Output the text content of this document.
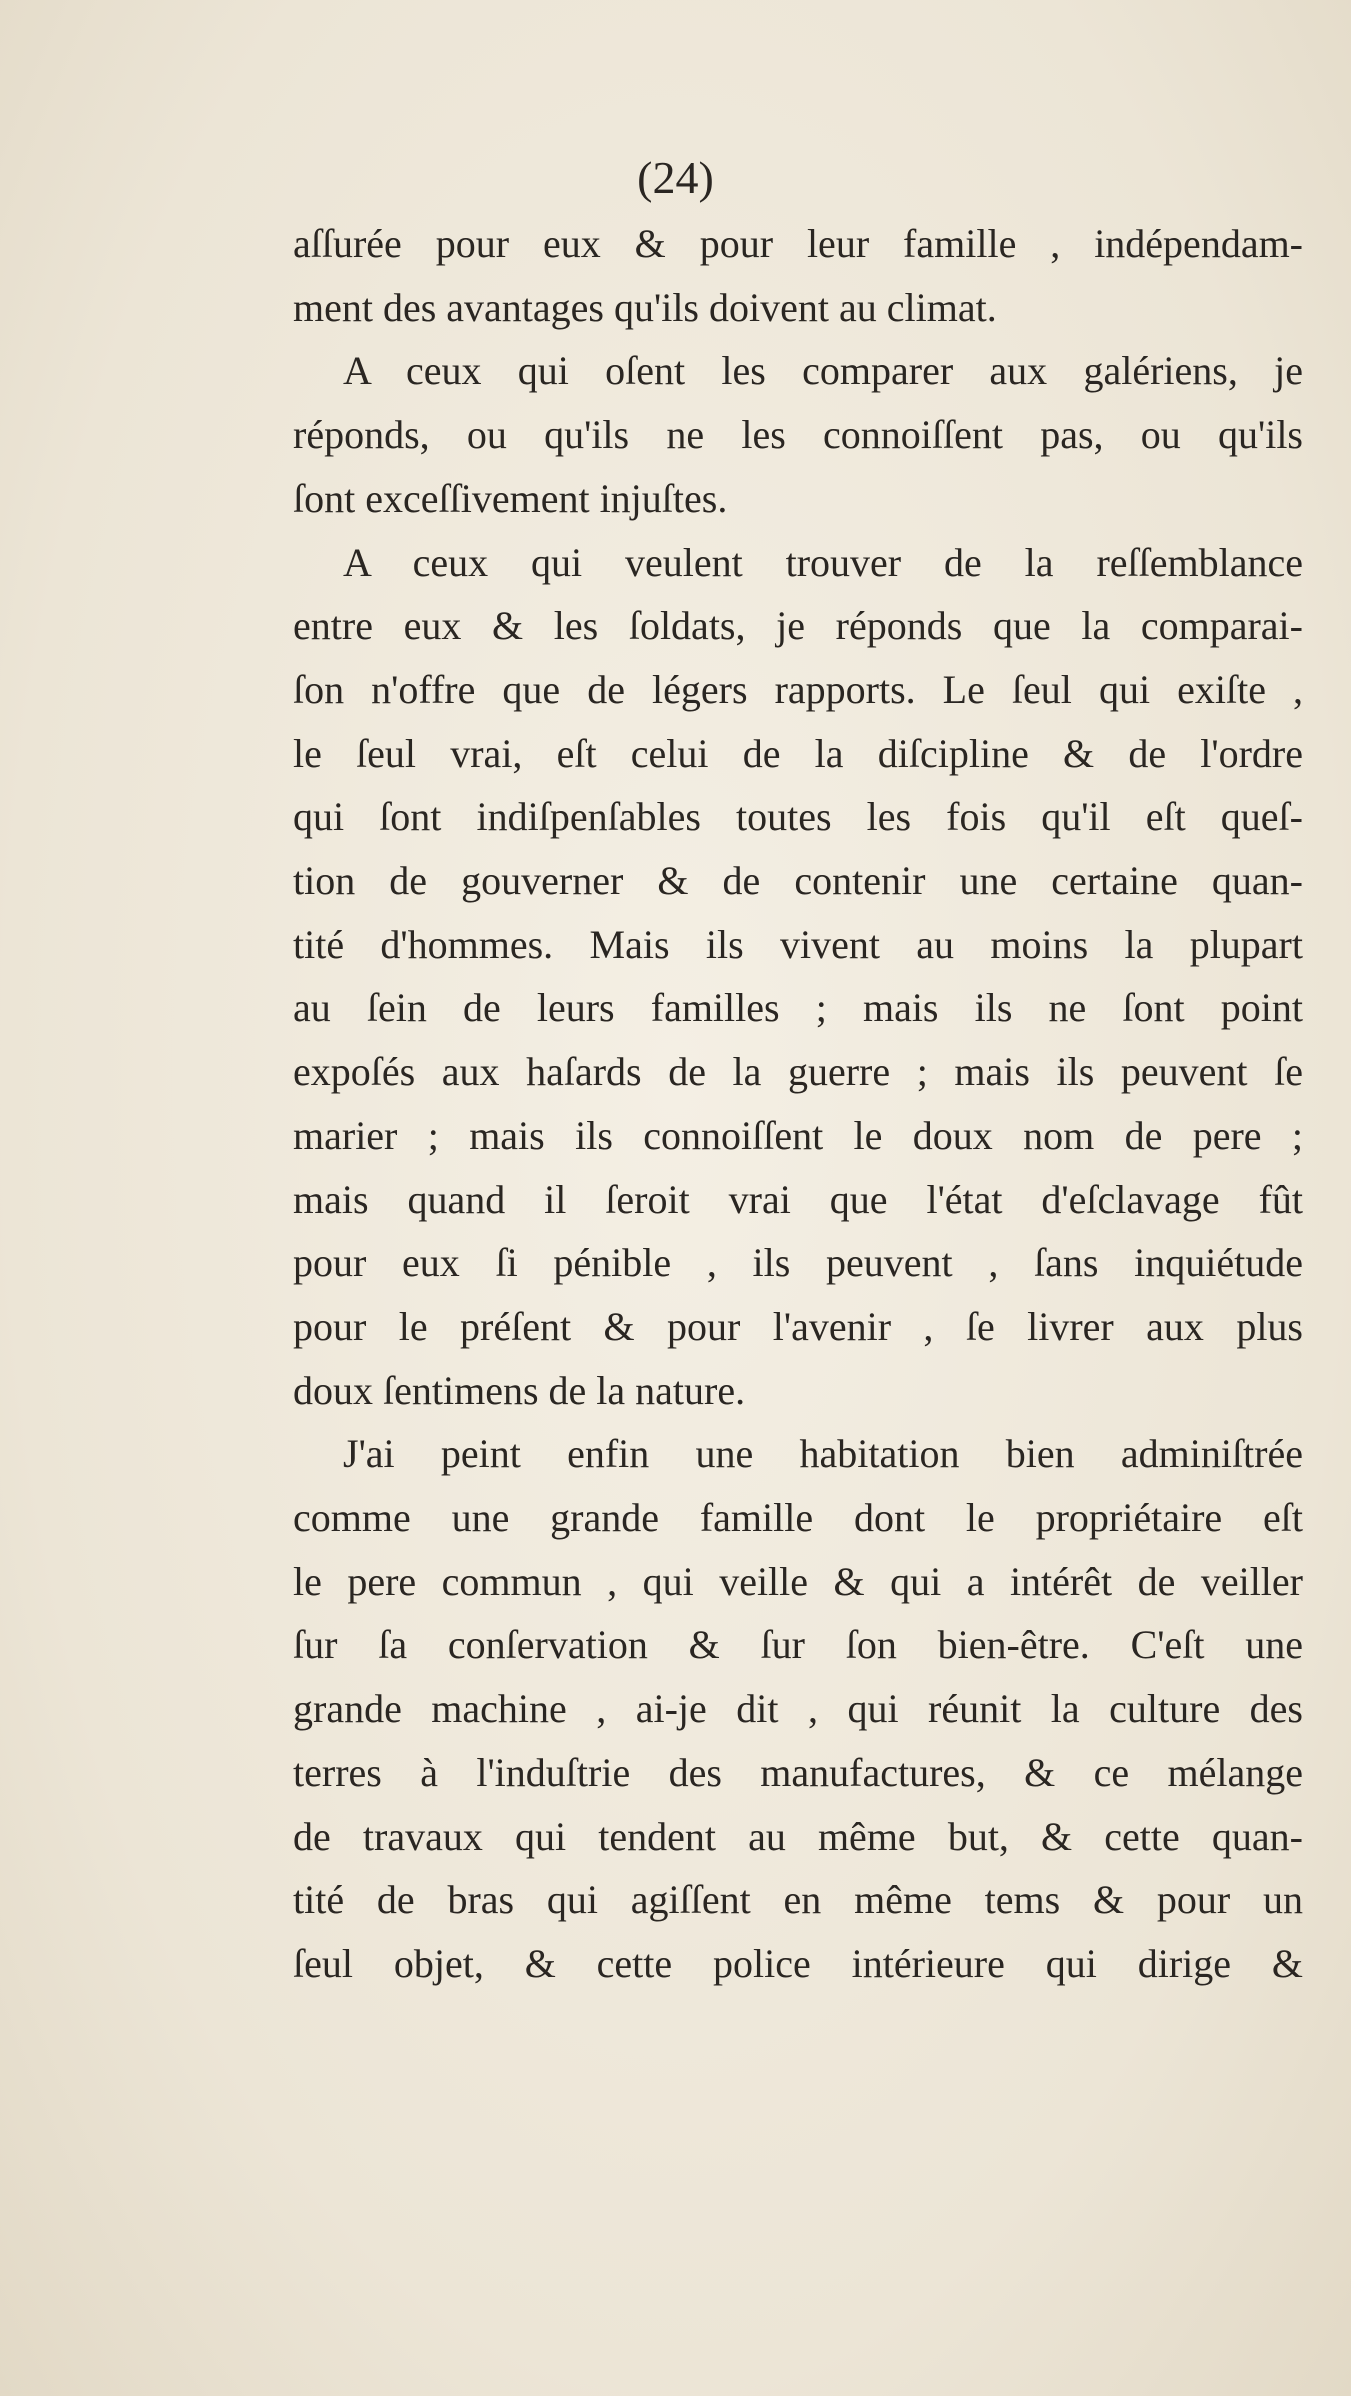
(24)
aſſurée pour eux & pour leur famille , indépendam-
ment des avantages qu'ils doivent au climat.
A ceux qui oſent les comparer aux galériens, je
réponds, ou qu'ils ne les connoiſſent pas, ou qu'ils
ſont exceſſivement injuſtes.
A ceux qui veulent trouver de la reſſemblance
entre eux & les ſoldats, je réponds que la comparai-
ſon n'offre que de légers rapports. Le ſeul qui exiſte ,
le ſeul vrai, eſt celui de la diſcipline & de l'ordre
qui ſont indiſpenſables toutes les fois qu'il eſt queſ-
tion de gouverner & de contenir une certaine quan-
tité d'hommes. Mais ils vivent au moins la plupart
au ſein de leurs familles ; mais ils ne ſont point
expoſés aux haſards de la guerre ; mais ils peuvent ſe
marier ; mais ils connoiſſent le doux nom de pere ;
mais quand il ſeroit vrai que l'état d'eſclavage fût
pour eux ſi pénible , ils peuvent , ſans inquiétude
pour le préſent & pour l'avenir , ſe livrer aux plus
doux ſentimens de la nature.
J'ai peint enfin une habitation bien adminiſtrée
comme une grande famille dont le propriétaire eſt
le pere commun , qui veille & qui a intérêt de veiller
ſur ſa conſervation & ſur ſon bien-être. C'eſt une
grande machine , ai-je dit , qui réunit la culture des
terres à l'induſtrie des manufactures, & ce mélange
de travaux qui tendent au même but, & cette quan-
tité de bras qui agiſſent en même tems & pour un
ſeul objet, & cette police intérieure qui dirige &
